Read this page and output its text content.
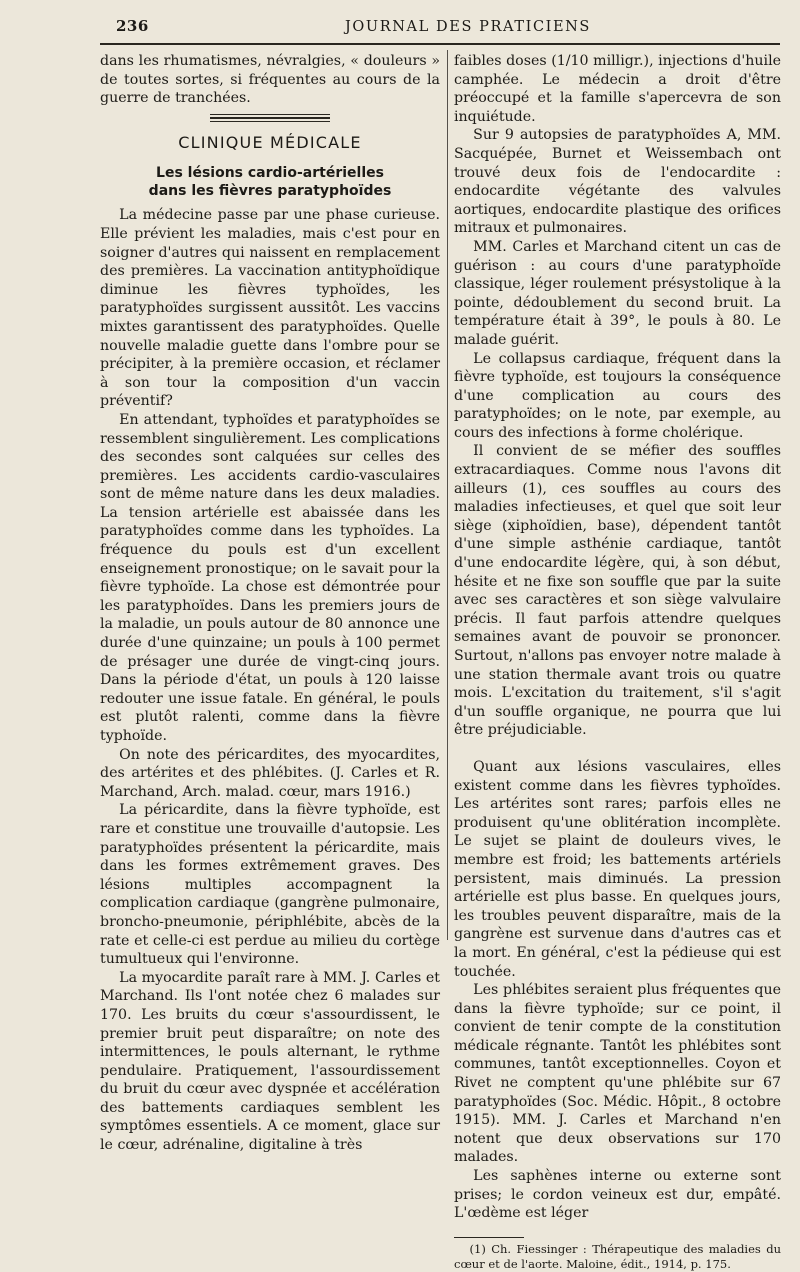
236	JOURNAL DES PRATICIENS

dans les rhumatismes, névralgies, « douleurs » de toutes sortes, si fréquentes au cours de la guerre de tranchées.

CLINIQUE MÉDICALE
Les lésions cardio-artérielles
dans les fièvres paratyphoïdes

La médecine passe par une phase curieuse. Elle prévient les maladies, mais c'est pour en soigner d'autres qui naissent en remplacement des premières. La vaccination antityphoïdique diminue les fièvres typhoïdes, les paratyphoïdes surgissent aussitôt. Les vaccins mixtes garantissent des paratyphoïdes. Quelle nouvelle maladie guette dans l'ombre pour se précipiter, à la première occasion, et réclamer à son tour la composition d'un vaccin préventif?

En attendant, typhoïdes et paratyphoïdes se ressemblent singulièrement. Les complications des secondes sont calquées sur celles des premières. Les accidents cardio-vasculaires sont de même nature dans les deux maladies. La tension artérielle est abaissée dans les paratyphoïdes comme dans les typhoïdes. La fréquence du pouls est d'un excellent enseignement pronostique; on le savait pour la fièvre typhoïde. La chose est démontrée pour les paratyphoïdes. Dans les premiers jours de la maladie, un pouls autour de 80 annonce une durée d'une quinzaine; un pouls à 100 permet de présager une durée de vingt-cinq jours. Dans la période d'état, un pouls à 120 laisse redouter une issue fatale. En général, le pouls est plutôt ralenti, comme dans la fièvre typhoïde.

On note des péricardites, des myocardites, des artérites et des phlébites. (J. Carles et R. Marchand, Arch. malad. cœur, mars 1916.)

La péricardite, dans la fièvre typhoïde, est rare et constitue une trouvaille d'autopsie. Les paratyphoïdes présentent la péricardite, mais dans les formes extrêmement graves. Des lésions multiples accompagnent la complication cardiaque (gangrène pulmonaire, broncho-pneumonie, périphlébite, abcès de la rate et celle-ci est perdue au milieu du cortège tumultueux qui l'environne.

La myocardite paraît rare à MM. J. Carles et Marchand. Ils l'ont notée chez 6 malades sur 170. Les bruits du cœur s'assourdissent, le premier bruit peut disparaître; on note des intermittences, le pouls alternant, le rythme pendulaire. Pratiquement, l'assourdissement du bruit du cœur avec dyspnée et accélération des battements cardiaques semblent les symptômes essentiels. A ce moment, glace sur le cœur, adrénaline, digitaline à très

faibles doses (1/10 milligr.), injections d'huile camphée. Le médecin a droit d'être préoccupé et la famille s'apercevra de son inquiétude.

Sur 9 autopsies de paratyphoïdes A, MM. Sacquépée, Burnet et Weissembach ont trouvé deux fois de l'endocardite : endocardite végétante des valvules aortiques, endocardite plastique des orifices mitraux et pulmonaires.

MM. Carles et Marchand citent un cas de guérison : au cours d'une paratyphoïde classique, léger roulement présystolique à la pointe, dédoublement du second bruit. La température était à 39°, le pouls à 80. Le malade guérit.

Le collapsus cardiaque, fréquent dans la fièvre typhoïde, est toujours la conséquence d'une complication au cours des paratyphoïdes; on le note, par exemple, au cours des infections à forme cholérique.

Il convient de se méfier des souffles extracardiaques. Comme nous l'avons dit ailleurs (1), ces souffles au cours des maladies infectieuses, et quel que soit leur siège (xiphoïdien, base), dépendent tantôt d'une simple asthénie cardiaque, tantôt d'une endocardite légère, qui, à son début, hésite et ne fixe son souffle que par la suite avec ses caractères et son siège valvulaire précis. Il faut parfois attendre quelques semaines avant de pouvoir se prononcer. Surtout, n'allons pas envoyer notre malade à une station thermale avant trois ou quatre mois. L'excitation du traitement, s'il s'agit d'un souffle organique, ne pourra que lui être préjudiciable.

Quant aux lésions vasculaires, elles existent comme dans les fièvres typhoïdes. Les artérites sont rares; parfois elles ne produisent qu'une oblitération incomplète. Le sujet se plaint de douleurs vives, le membre est froid; les battements artériels persistent, mais diminués. La pression artérielle est plus basse. En quelques jours, les troubles peuvent disparaître, mais de la gangrène est survenue dans d'autres cas et la mort. En général, c'est la pédieuse qui est touchée.

Les phlébites seraient plus fréquentes que dans la fièvre typhoïde; sur ce point, il convient de tenir compte de la constitution médicale régnante. Tantôt les phlébites sont communes, tantôt exceptionnelles. Coyon et Rivet ne comptent qu'une phlébite sur 67 paratyphoïdes (Soc. Médic. Hôpit., 8 octobre 1915). MM. J. Carles et Marchand n'en notent que deux observations sur 170 malades.

Les saphènes interne ou externe sont prises; le cordon veineux est dur, empâté. L'œdème est léger

(1) Ch. Fiessinger : Thérapeutique des maladies du cœur et de l'aorte. Maloine, édit., 1914, p. 175.
